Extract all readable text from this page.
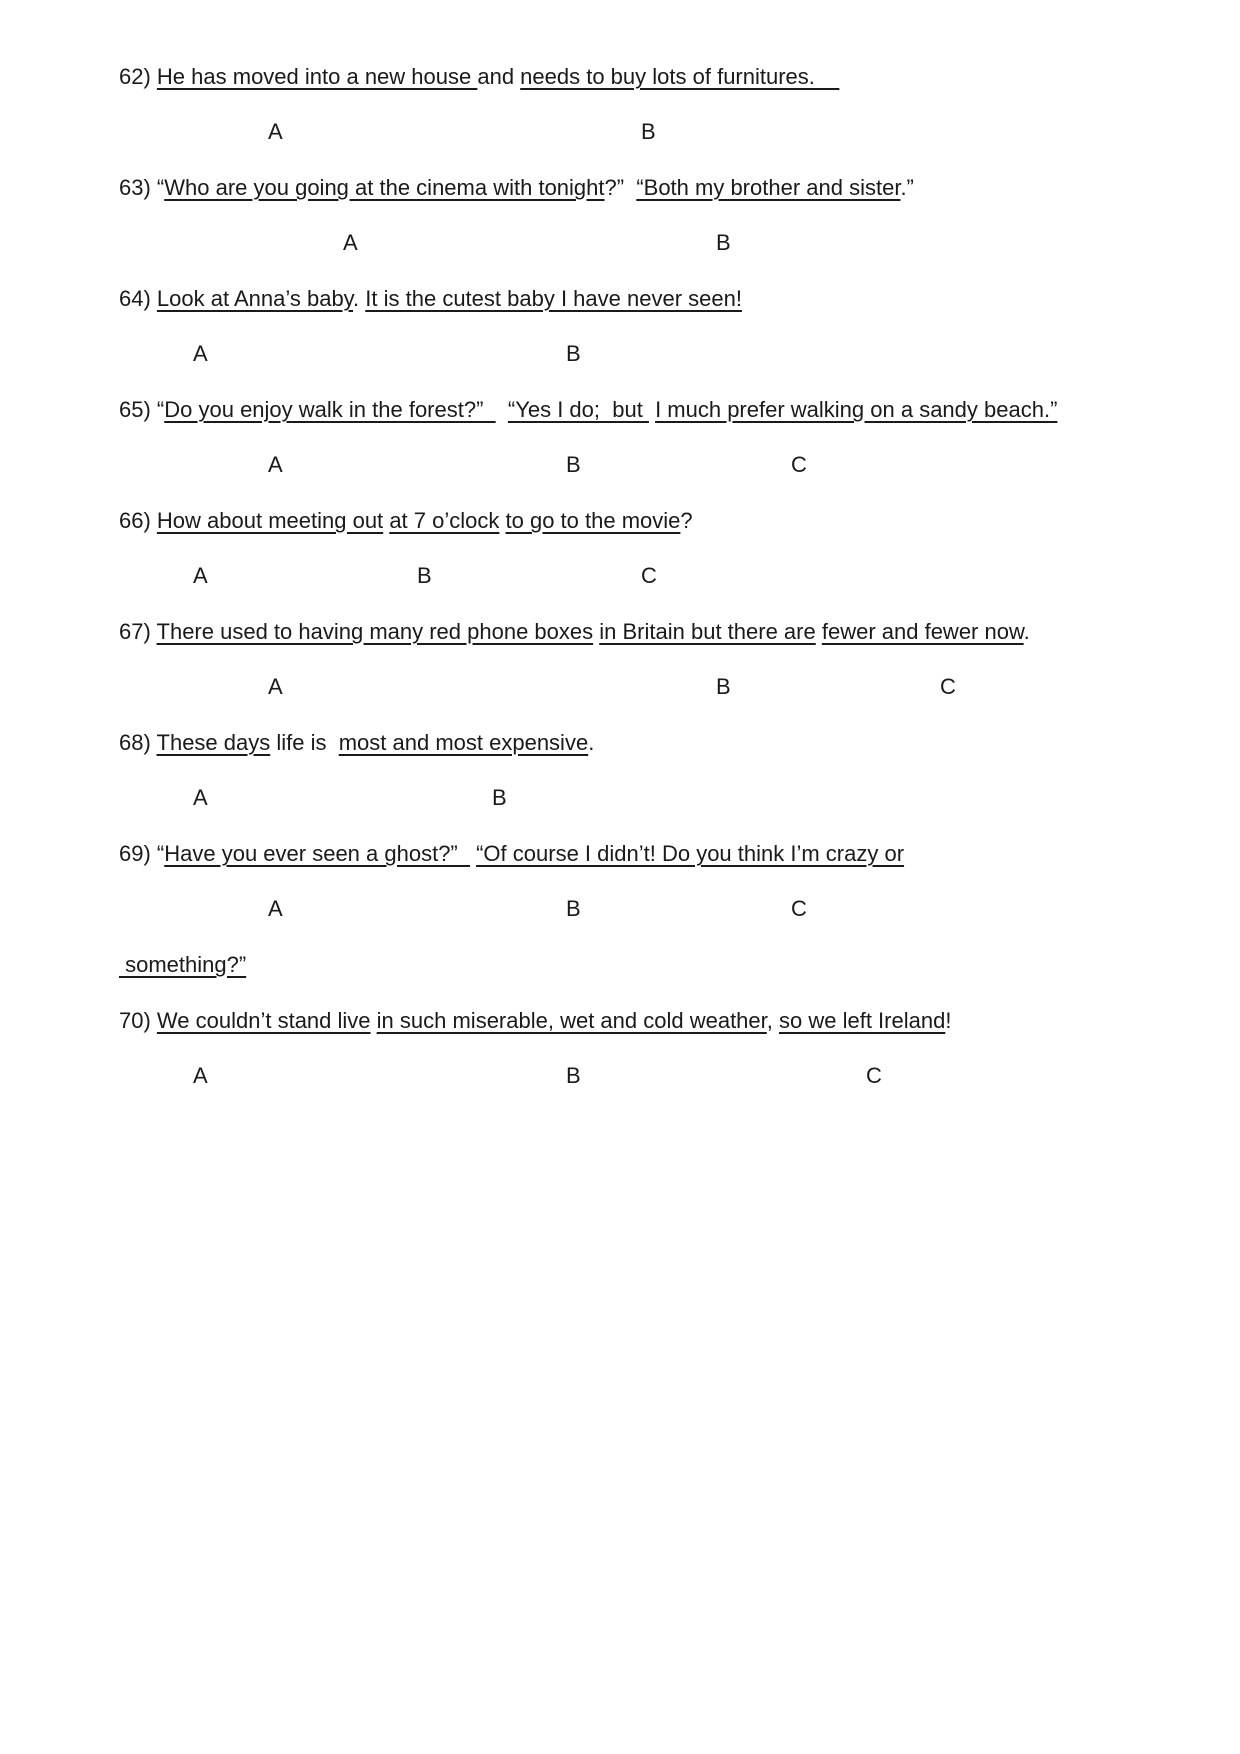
62) He has moved into a new house and needs to buy lots of furnitures.
A	B
63) “Who are you going at the cinema with tonight?”  “Both my brother and sister.”
A	B
64) Look at Anna’s baby. It is the cutest baby I have never seen!
A	B
65) “Do you enjoy walk in the forest?”    “Yes I do;  but  I much prefer walking on a sandy beach.”
A	B	C
66) How about meeting out at 7 o’clock to go to the movie?
A	B	C
67) There used to having many red phone boxes in Britain but there are fewer and fewer now.
A	B	C
68) These days life is  most and most expensive.
A	B
69) “Have you ever seen a ghost?”   “Of course I didn’t! Do you think I’m crazy or
A	B	C
something?”
70) We couldn’t stand live in such miserable, wet and cold weather, so we left Ireland!
A	B	C
